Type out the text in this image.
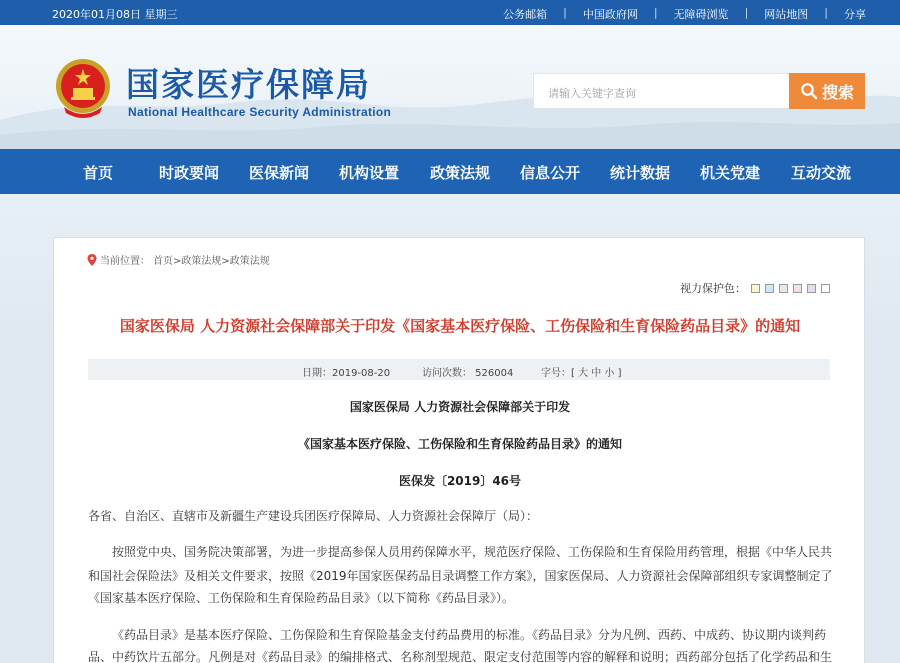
2020年01月08日 星期三	公务邮箱 | 中国政府网 | 无障碍浏览 | 网站地图 | 分享
国家医疗保障局
National Healthcare Security Administration
请输入关键字查询	搜索
首页	时政要闻 医保新闻 机构设置 政策法规 信息公开 统计数据 机关党建 互动交流
当前位置： 首页>政策法规>政策法规
视力保护色：
国家医保局 人力资源社会保障部关于印发《国家基本医疗保险、工伤保险和生育保险药品目录》的通知
日期：2019-08-20	访问次数： 526004	字号：[ 大 中 小 ]
国家医保局 人力资源社会保障部关于印发
《国家基本医疗保险、工伤保险和生育保险药品目录》的通知
医保发〔2019〕46号
各省、自治区、直辖市及新疆生产建设兵团医疗保障局、人力资源社会保障厅（局）：
按照党中央、国务院决策部署，为进一步提高参保人员用药保障水平，规范医疗保险、工伤保险和生育保险用药管理，根据《中华人民共
和国社会保险法》及相关文件要求，按照《2019年国家医保药品目录调整工作方案》，国家医保局、人力资源社会保障部组织专家调整制定了
《国家基本医疗保险、工伤保险和生育保险药品目录》（以下简称《药品目录》）。
《药品目录》是基本医疗保险、工伤保险和生育保险基金支付药品费用的标准。《药品目录》分为凡例、西药、中成药、协议期内谈判药
品、中药饮片五部分。凡例是对《药品目录》的编排格式、名称剂型规范、限定支付范围等内容的解释和说明；西药部分包括了化学药品和生
